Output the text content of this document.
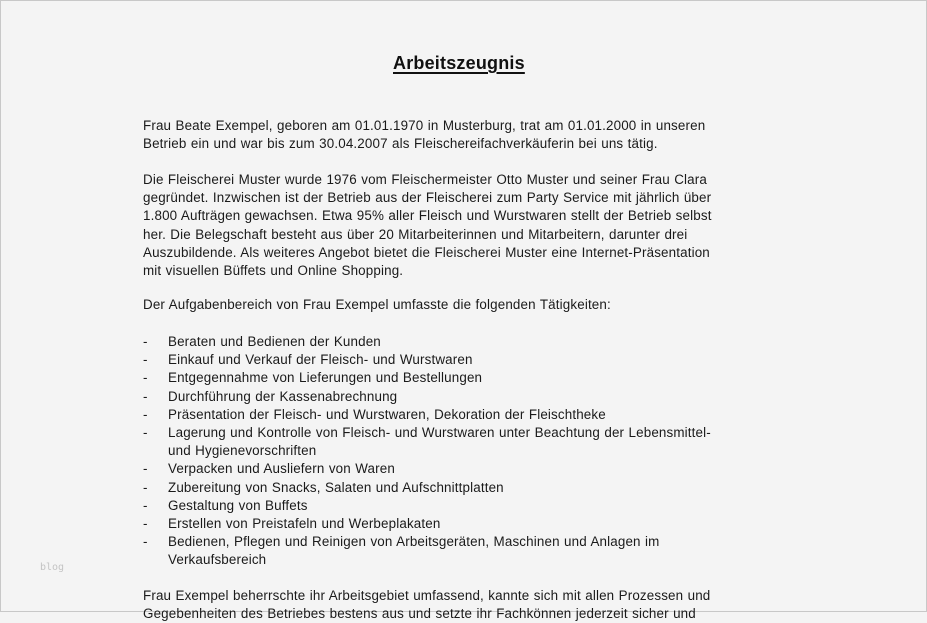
Arbeitszeugnis

Frau Beate Exempel, geboren am 01.01.1970 in Musterburg, trat am 01.01.2000 in unseren
Betrieb ein und war bis zum 30.04.2007 als Fleischereifachverkäuferin bei uns tätig.

Die Fleischerei Muster wurde 1976 vom Fleischermeister Otto Muster und seiner Frau Clara
gegründet. Inzwischen ist der Betrieb aus der Fleischerei zum Party Service mit jährlich über
1.800 Aufträgen gewachsen. Etwa 95% aller Fleisch und Wurstwaren stellt der Betrieb selbst
her. Die Belegschaft besteht aus über 20 Mitarbeiterinnen und Mitarbeitern, darunter drei
Auszubildende. Als weiteres Angebot bietet die Fleischerei Muster eine Internet-Präsentation
mit visuellen Büffets und Online Shopping.

Der Aufgabenbereich von Frau Exempel umfasste die folgenden Tätigkeiten:

- Beraten und Bedienen der Kunden
- Einkauf und Verkauf der Fleisch- und Wurstwaren
- Entgegennahme von Lieferungen und Bestellungen
- Durchführung der Kassenabrechnung
- Präsentation der Fleisch- und Wurstwaren, Dekoration der Fleischtheke
- Lagerung und Kontrolle von Fleisch- und Wurstwaren unter Beachtung der Lebensmittel-
und Hygienevorschriften
- Verpacken und Ausliefern von Waren
- Zubereitung von Snacks, Salaten und Aufschnittplatten
- Gestaltung von Buffets
- Erstellen von Preistafeln und Werbeplakaten
- Bedienen, Pflegen und Reinigen von Arbeitsgeräten, Maschinen und Anlagen im
Verkaufsbereich

Frau Exempel beherrschte ihr Arbeitsgebiet umfassend, kannte sich mit allen Prozessen und
Gegebenheiten des Betriebes bestens aus und setzte ihr Fachkönnen jederzeit sicher und

blog
